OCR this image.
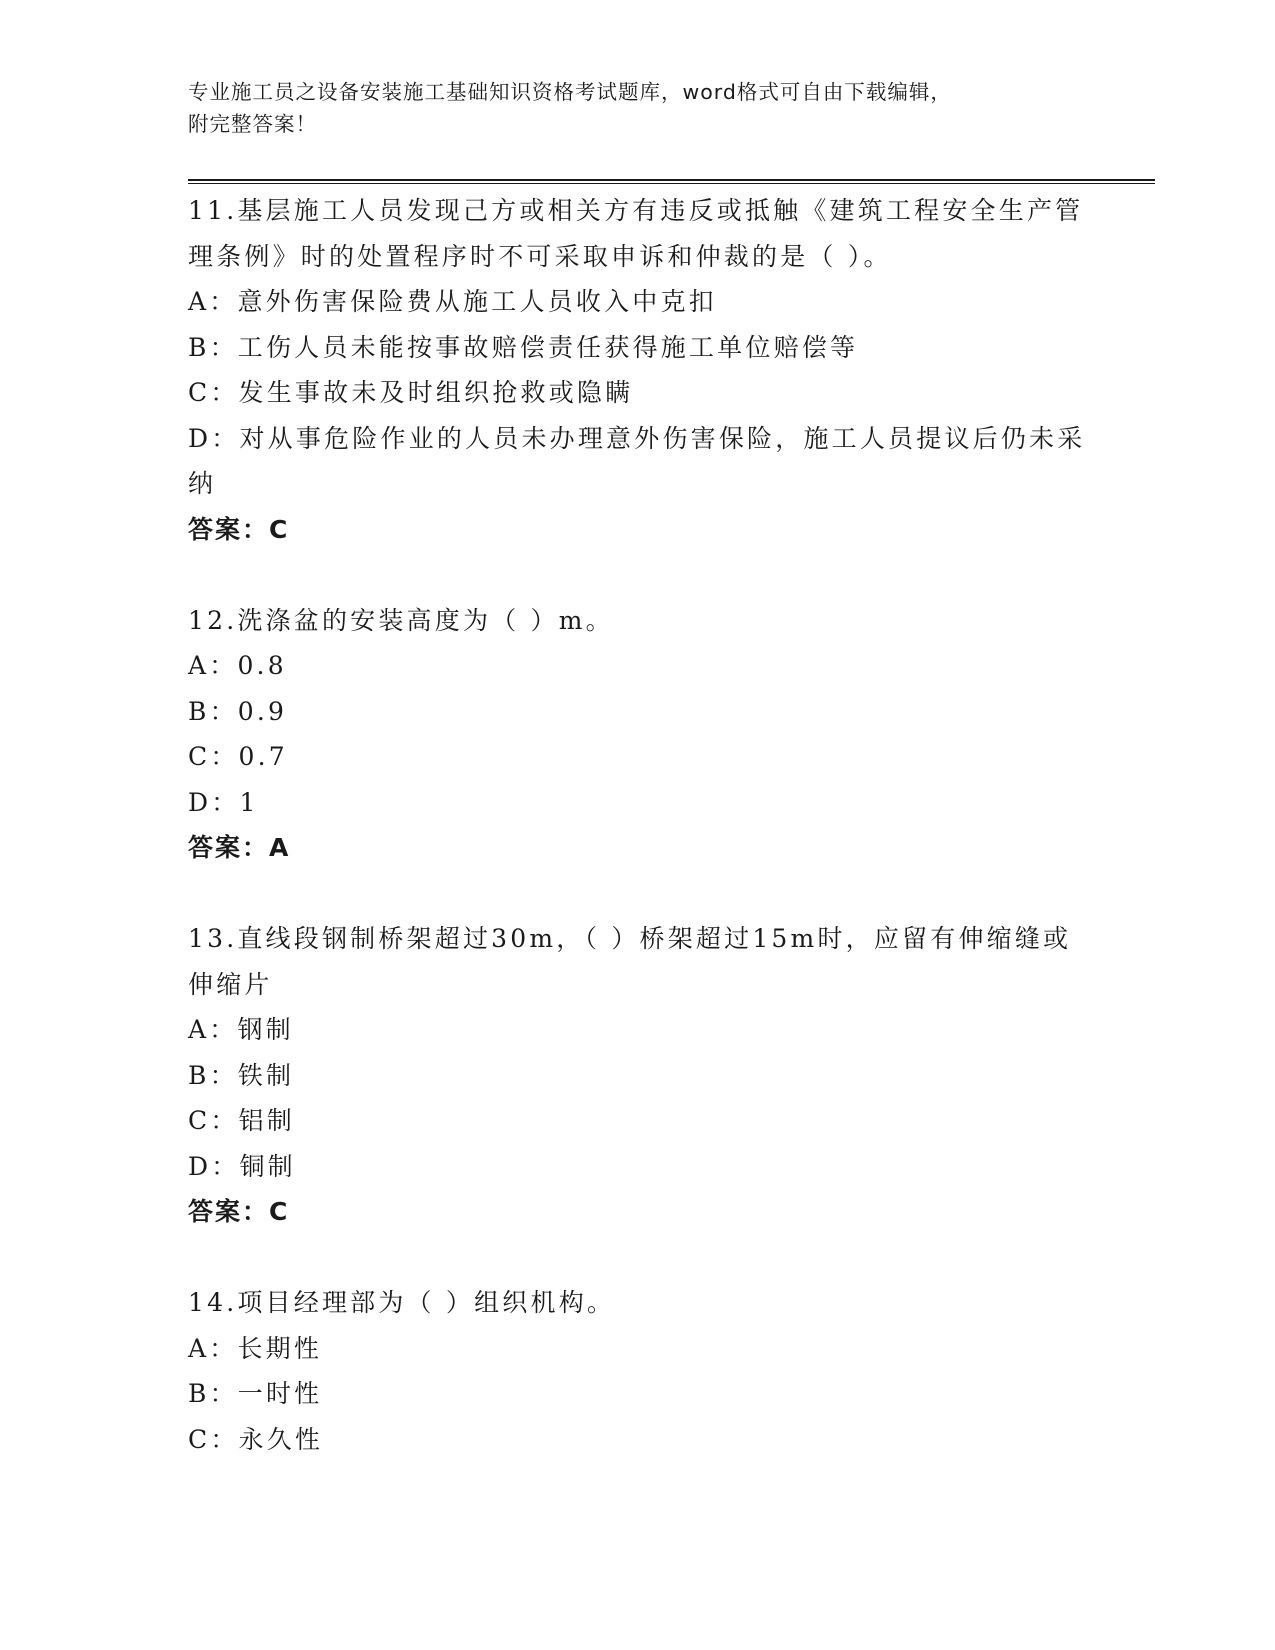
专业施工员之设备安装施工基础知识资格考试题库，word格式可自由下载编辑，
附完整答案！

11.基层施工人员发现己方或相关方有违反或抵触《建筑工程安全生产管理条例》时的处置程序时不可采取申诉和仲裁的是（ ）。

A：意外伤害保险费从施工人员收入中克扣

B：工伤人员未能按事故赔偿责任获得施工单位赔偿等

C：发生事故未及时组织抢救或隐瞒

D：对从事危险作业的人员未办理意外伤害保险，施工人员提议后仍未采纳

答案：C

12.洗涤盆的安装高度为（ ）m。

A：0.8

B：0.9

C：0.7

D：1

答案：A

13.直线段钢制桥架超过30m，（ ）桥架超过15m时，应留有伸缩缝或伸缩片

A：钢制

B：铁制

C：铝制

D：铜制

答案：C

14.项目经理部为（ ）组织机构。

A：长期性

B：一时性

C：永久性
